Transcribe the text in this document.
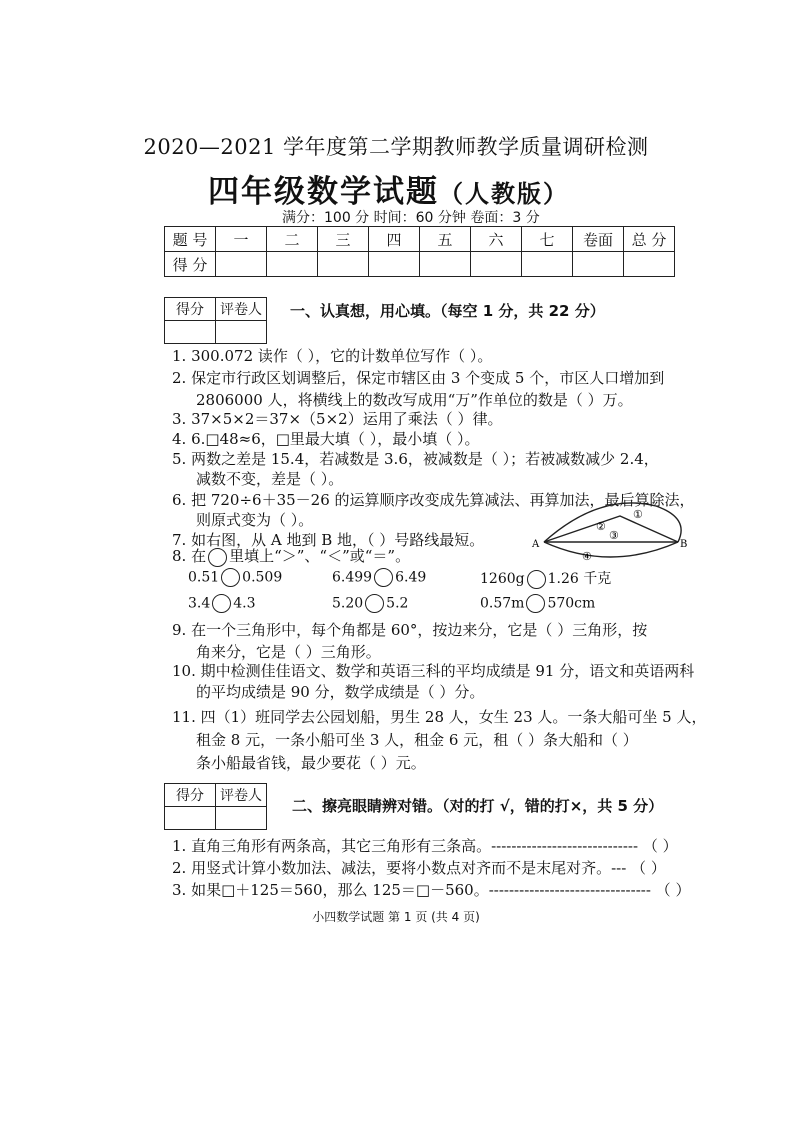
2020—2021 学年度第二学期教师教学质量调研检测
四年级数学试题（人教版）
满分：100 分 时间：60 分钟 卷面：3 分
题 号	一	二	三	四	五	六	七	卷面	总 分
得 分									
得分	评卷人
	一、认真想，用心填。（每空 1 分，共 22 分）
1. 300.072 读作（ ），它的计数单位写作（ ）。
2. 保定市行政区划调整后，保定市辖区由 3 个变成 5 个，市区人口增加到
2806000 人，将横线上的数改写成用“万”作单位的数是（ ）万。
3. 37×5×2＝37×（5×2）运用了乘法（ ）律。
4. 6.□48≈6，□里最大填（ ），最小填（ ）。
5. 两数之差是 15.4，若减数是 3.6，被减数是（ ）；若被减数减少 2.4，
减数不变，差是（ ）。
6. 把 720÷6＋35－26 的运算顺序改变成先算减法、再算加法，最后算除法，
则原式变为（ ）。
7. 如右图，从 A 地到 B 地，（ ）号路线最短。	A	B
①
②
③
④
8. 在 里填上“＞”、“＜”或“＝”。
0.51 0.509	6.499 6.49	1260g 1.26 千克
3.4 4.3	5.20 5.2	0.57m 570cm
9. 在一个三角形中，每个角都是 60°，按边来分，它是（ ）三角形，按
角来分，它是（ ）三角形。
10. 期中检测佳佳语文、数学和英语三科的平均成绩是 91 分，语文和英语两科
的平均成绩是 90 分，数学成绩是（ ）分。
11. 四（1）班同学去公园划船，男生 28 人，女生 23 人。一条大船可坐 5 人，
租金 8 元，一条小船可坐 3 人，租金 6 元，租（ ）条大船和（ ）
条小船最省钱，最少要花（ ）元。
得分	评卷人

二、擦亮眼睛辨对错。（对的打 √，错的打×，共 5 分）
1. 直角三角形有两条高，其它三角形有三条高。----------------------------- （ ）
2. 用竖式计算小数加法、减法，要将小数点对齐而不是末尾对齐。--- （ ）
3. 如果□＋125＝560，那么 125＝□－560。-------------------------------- （ ）
小四数学试题 第 1 页 (共 4 页)
